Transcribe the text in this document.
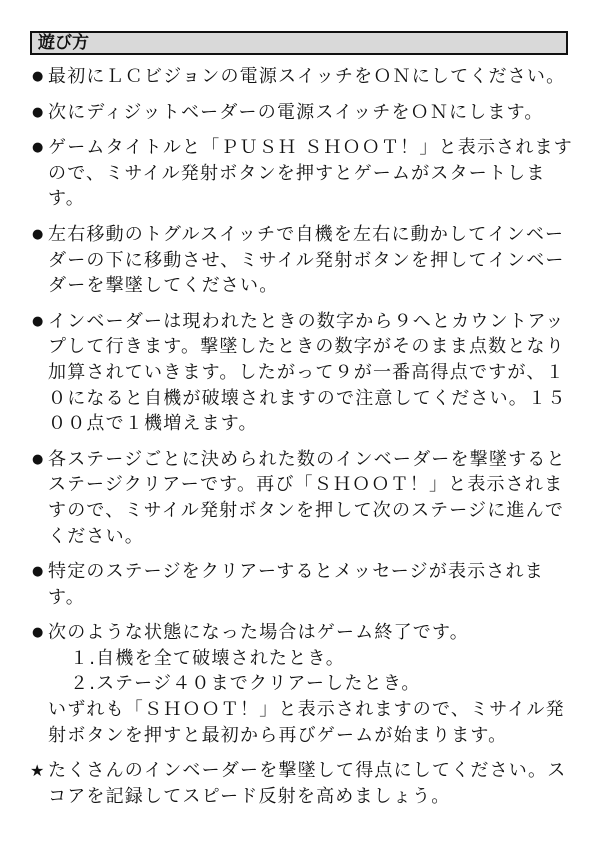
遊び方
● 最初にＬＣビジョンの電源スイッチをＯＮにしてください。
● 次にディジットベーダーの電源スイッチをＯＮにします。
● ゲームタイトルと「ＰＵＳＨ ＳＨＯＯＴ！」と表示されますので、ミサイル発射ボタンを押すとゲームがスタートします。
● 左右移動のトグルスイッチで自機を左右に動かしてインベーダーの下に移動させ、ミサイル発射ボタンを押してインベーダーを撃墜してください。
● インベーダーは現われたときの数字から９へとカウントアップして行きます。撃墜したときの数字がそのまま点数となり加算されていきます。したがって９が一番高得点ですが、１０になると自機が破壊されますので注意してください。１５００点で１機増えます。
● 各ステージごとに決められた数のインベーダーを撃墜するとステージクリアーです。再び「ＳＨＯＯＴ！」と表示されますので、ミサイル発射ボタンを押して次のステージに進んでください。
● 特定のステージをクリアーするとメッセージが表示されます。
● 次のような状態になった場合はゲーム終了です。
１.自機を全て破壊されたとき。
２.ステージ４０までクリアーしたとき。
いずれも「ＳＨＯＯＴ！」と表示されますので、ミサイル発射ボタンを押すと最初から再びゲームが始まります。
★ たくさんのインベーダーを撃墜して得点にしてください。スコアを記録してスピード反射を高めましょう。
